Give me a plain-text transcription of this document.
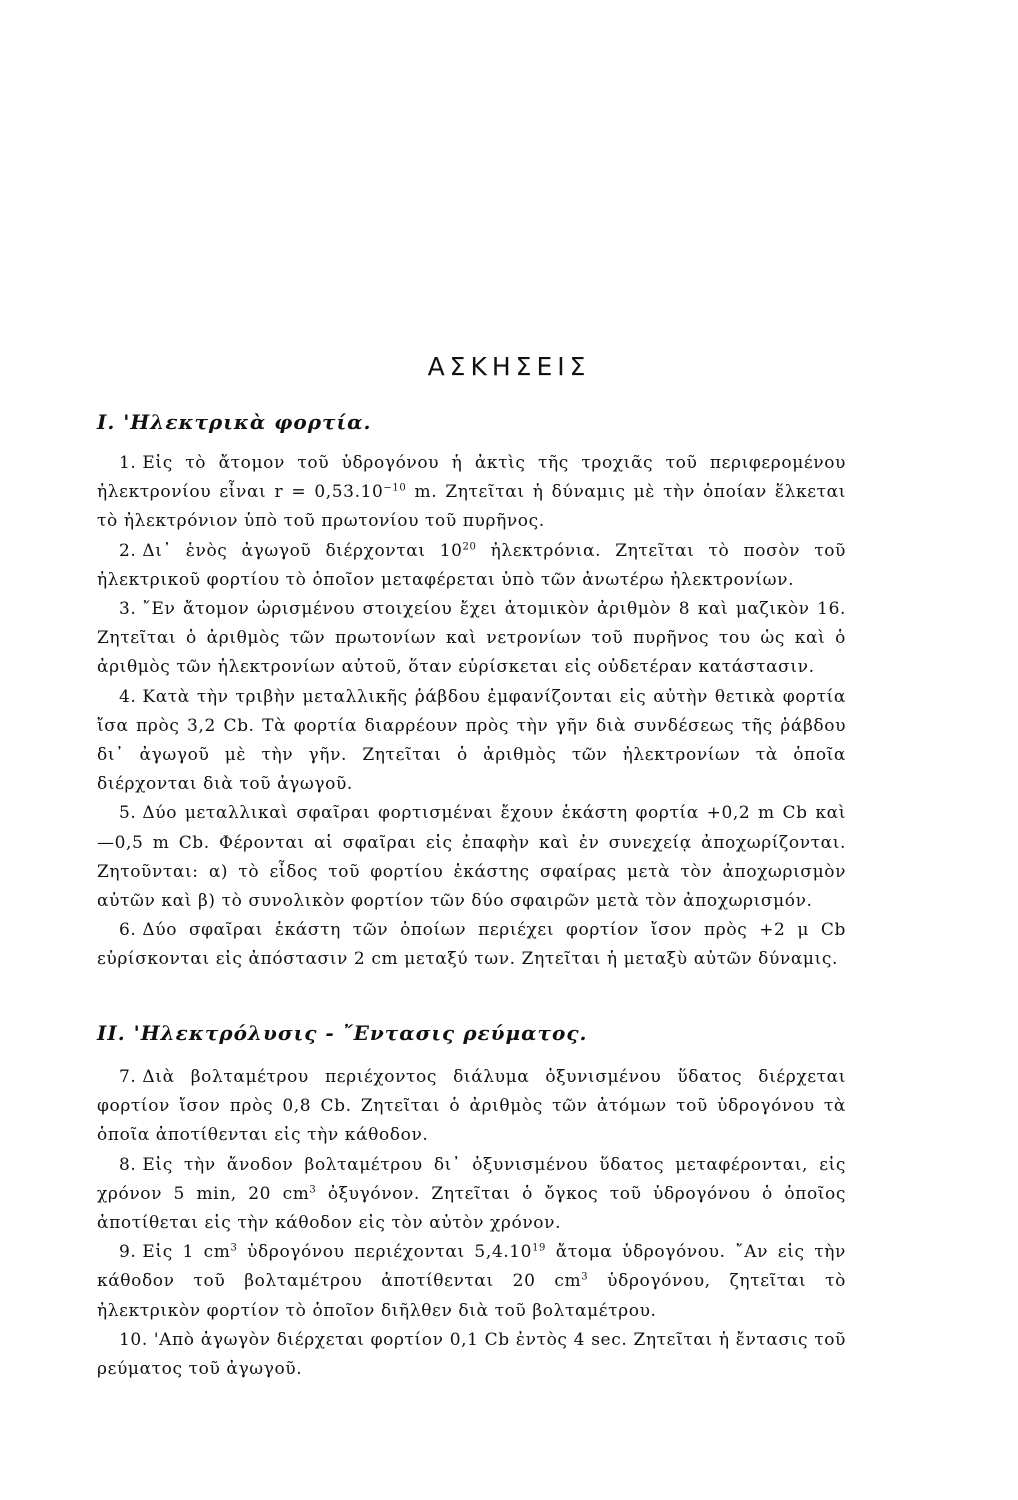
ΑΣΚΗΣΕΙΣ
I. 'Ηλεκτρικὰ φορτία.

1. Εἰς τὸ ἄτομον τοῦ ὑδρογόνου ἡ ἀκτὶς τῆς τροχιᾶς τοῦ περιφερομένου ἠλεκτρονίου εἶναι $r = 0,53.10^{-10}$ m. Ζητεῖται ἡ δύναμις μὲ τὴν ὁποίαν ἕλκεται τὸ ἠλεκτρόνιον ὑπὸ τοῦ πρωτονίου τοῦ πυρῆνος.

2. Δι᾽ ἑνὸς ἀγωγοῦ διέρχονται $10^{20}$ ἠλεκτρόνια. Ζητεῖται τὸ ποσὸν τοῦ ἠλεκτρικοῦ φορτίου τὸ ὁποῖον μεταφέρεται ὑπὸ τῶν ἀνωτέρω ἠλεκτρονίων.

3. ῎Εν ἄτομον ὡρισμένου στοιχείου ἔχει ἀτομικὸν ἀριθμὸν 8 καὶ μαζικὸν 16. Ζητεῖται ὁ ἀριθμὸς τῶν πρωτονίων καὶ νετρονίων τοῦ πυρῆνος του ὡς καὶ ὁ ἀριθμὸς τῶν ἠλεκτρονίων αὐτοῦ, ὅταν εὑρίσκεται εἰς οὐδετέραν κατάστασιν.

4. Κατὰ τὴν τριβὴν μεταλλικῆς ῥάβδου ἐμφανίζονται εἰς αὐτὴν θετικὰ φορτία ἴσα πρὸς 3,2 Cb. Τὰ φορτία διαρρέουν πρὸς τὴν γῆν διὰ συνδέσεως τῆς ῥάβδου δι᾽ ἀγωγοῦ μὲ τὴν γῆν. Ζητεῖται ὁ ἀριθμὸς τῶν ἠλεκτρονίων τὰ ὁποῖα διέρχονται διὰ τοῦ ἀγωγοῦ.

5. Δύο μεταλλικαὶ σφαῖραι φορτισμέναι ἔχουν ἑκάστη φορτία +0,2 m Cb καὶ —0,5 m Cb. Φέρονται αἱ σφαῖραι εἰς ἐπαφὴν καὶ ἐν συνεχείᾳ ἀποχωρίζονται. Ζητοῦνται: α) τὸ εἶδος τοῦ φορτίου ἑκάστης σφαίρας μετὰ τὸν ἀποχωρισμὸν αὐτῶν καὶ β) τὸ συνολικὸν φορτίον τῶν δύο σφαιρῶν μετὰ τὸν ἀποχωρισμόν.

6. Δύο σφαῖραι ἑκάστη τῶν ὁποίων περιέχει φορτίον ἴσον πρὸς +2 μ Cb εὑρίσκονται εἰς ἀπόστασιν 2 cm μεταξύ των. Ζητεῖται ἡ μεταξὺ αὐτῶν δύναμις.

II. 'Ηλεκτρόλυσις - ῎Εντασις ρεύματος.

7. Διὰ βολταμέτρου περιέχοντος διάλυμα ὀξυνισμένου ὕδατος διέρχεται φορτίον ἴσον πρὸς 0,8 Cb. Ζητεῖται ὁ ἀριθμὸς τῶν ἀτόμων τοῦ ὑδρογόνου τὰ ὁποῖα ἀποτίθενται εἰς τὴν κάθοδον.

8. Εἰς τὴν ἄνοδον βολταμέτρου δι᾽ ὀξυνισμένου ὕδατος μεταφέρονται, εἰς χρόνον 5 min, 20 $cm^3$ ὀξυγόνον. Ζητεῖται ὁ ὄγκος τοῦ ὑδρογόνου ὁ ὁποῖος ἀποτίθεται εἰς τὴν κάθοδον εἰς τὸν αὐτὸν χρόνον.

9. Εἰς 1 $cm^3$ ὑδρογόνου περιέχονται 5,4.10$^{19}$ ἄτομα ὑδρογόνου. ῎Αν εἰς τὴν κάθοδον τοῦ βολταμέτρου ἀποτίθενται 20 $cm^3$ ὑδρογόνου, ζητεῖται τὸ ἠλεκτρικὸν φορτίον τὸ ὁποῖον διῆλθεν διὰ τοῦ βολταμέτρου.

10. 'Απὸ ἀγωγὸν διέρχεται φορτίον 0,1 Cb ἐντὸς 4 sec. Ζητεῖται ἡ ἔντασις τοῦ ρεύματος τοῦ ἀγωγοῦ.
